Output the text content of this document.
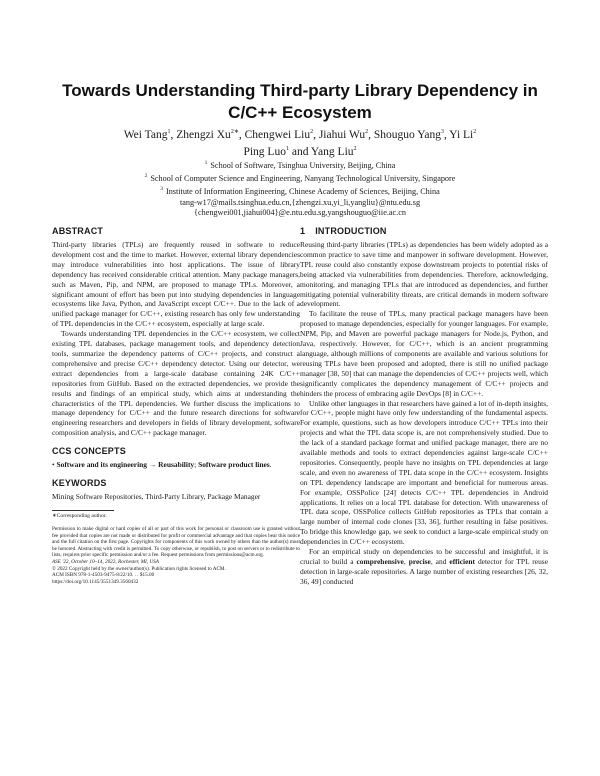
Towards Understanding Third-party Library Dependency in
C/C++ Ecosystem
Wei Tang$^1$, Zhengzi $Xu^{2∗}$, Chengwei Liu$^2$, Jiahui Wu$^2$, Shouguo Yang$^3$, Yi Li$^2$
Ping Luo$^1$ and Yang Liu$^2$
$^1$ School of Software, Tsinghua University, Beijing, China
$^2$ School of Computer Science and Engineering, Nanyang Technological University, Singapore
$^3$ Institute of Information Engineering, Chinese Academy of Sciences, Beijing, China
tang-w17@mails.tsinghua.edu.cn,{zhengzi.xu,yi_li,yangliu}@ntu.edu.sg
{chengwei001,jiahui004}@e.ntu.edu.sg,yangshouguo@iie.ac.cn
ABSTRACT

Third-party libraries (TPLs) are frequently reused in software to reduce development cost and the time to market. However, external library dependencies may introduce vulnerabilities into host applications. The issue of library dependency has received considerable critical attention. Many package managers, such as Maven, Pip, and NPM, are proposed to manage TPLs. Moreover, a significant amount of effort has been put into studying dependencies in language ecosystems like Java, Python, and JavaScript except C/C++. Due to the lack of a unified package manager for C/C++, existing research has only few understanding of TPL dependencies in the C/C++ ecosystem, especially at large scale.

Towards understanding TPL dependencies in the C/C++ ecosystem, we collect existing TPL databases, package management tools, and dependency detection tools, summarize the dependency patterns of C/C++ projects, and construct a comprehensive and precise C/C++ dependency detector. Using our detector, we extract dependencies from a large-scale database containing 24K C/C++ repositories from GitHub. Based on the extracted dependencies, we provide the results and findings of an empirical study, which aims at understanding the characteristics of the TPL dependencies. We further discuss the implications to manage dependency for C/C++ and the future research directions for software engineering researchers and developers in fields of library development, software composition analysis, and C/C++ package manager.

CCS CONCEPTS

• Software and its engineering → Reusability; Software product lines.

KEYWORDS

Mining Software Repositories, Third-Party Library, Package Manager

∗Corresponding author.
Permission to make digital or hard copies of all or part of this work for personal or classroom use is granted without fee provided that copies are not made or distributed for profit or commercial advantage and that copies bear this notice and the full citation on the first page. Copyrights for components of this work owned by others than the author(s) must be honored. Abstracting with credit is permitted. To copy otherwise, or republish, to post on servers or to redistribute to lists, requires prior specific permission and/or a fee. Request permissions from permissions@acm.org.
ASE '22, October 10–14, 2022, Rochester, MI, USA
© 2022 Copyright held by the owner/author(s). Publication rights licensed to ACM.
ACM ISBN 978-1-4503-9475-8/22/10. . . $15.00
https://doi.org/10.1145/3551349.3560432
1 INTRODUCTION

Reusing third-party libraries (TPLs) as dependencies has been widely adopted as a common practice to save time and manpower in software development. However, TPL reuse could also constantly expose downstream projects to potential risks of being attacked via vulnerabilities from dependencies. Therefore, acknowledging, monitoring, and managing TPLs that are introduced as dependencies, and further mitigating potential vulnerability threats, are critical demands in modern software development.

To facilitate the reuse of TPLs, many practical package managers have been proposed to manage dependencies, especially for younger languages. For example, NPM, Pip, and Maven are powerful package managers for Node.js, Python, and Java, respectively. However, for C/C++, which is an ancient programming language, although millions of components are available and various solutions for reusing TPLs have been proposed and adopted, there is still no unified package manager [38, 50] that can manage the dependencies of C/C++ projects well, which significantly complicates the dependency management of C/C++ projects and hinders the process of embracing agile DevOps [8] in C/C++.

Unlike other languages in that researchers have gained a lot of in-depth insights, for C/C++, people might have only few understanding of the fundamental aspects. For example, questions, such as how developers introduce C/C++ TPLs into their projects and what the TPL data scope is, are not comprehensively studied. Due to the lack of a standard package format and unified package manager, there are no available methods and tools to extract dependencies against large-scale C/C++ repositories. Consequently, people have no insights on TPL dependencies at large scale, and even no awareness of TPL data scope in the C/C++ ecosystem. Insights on TPL dependency landscape are important and beneficial for numerous areas. For example, OSSPolice [24] detects C/C++ TPL dependencies in Android applications. It relies on a local TPL database for detection. With unawareness of TPL data scope, OSSPolice collects GitHub repositories as TPLs that contain a large number of internal code clones [33, 36], further resulting in false positives. To bridge this knowledge gap, we seek to conduct a large-scale empirical study on dependencies in C/C++ ecosystem.

For an empirical study on dependencies to be successful and insightful, it is crucial to build a comprehensive, precise, and efficient detector for TPL reuse detection in large-scale repositories. A large number of existing researches [26, 32, 36, 49] conducted
